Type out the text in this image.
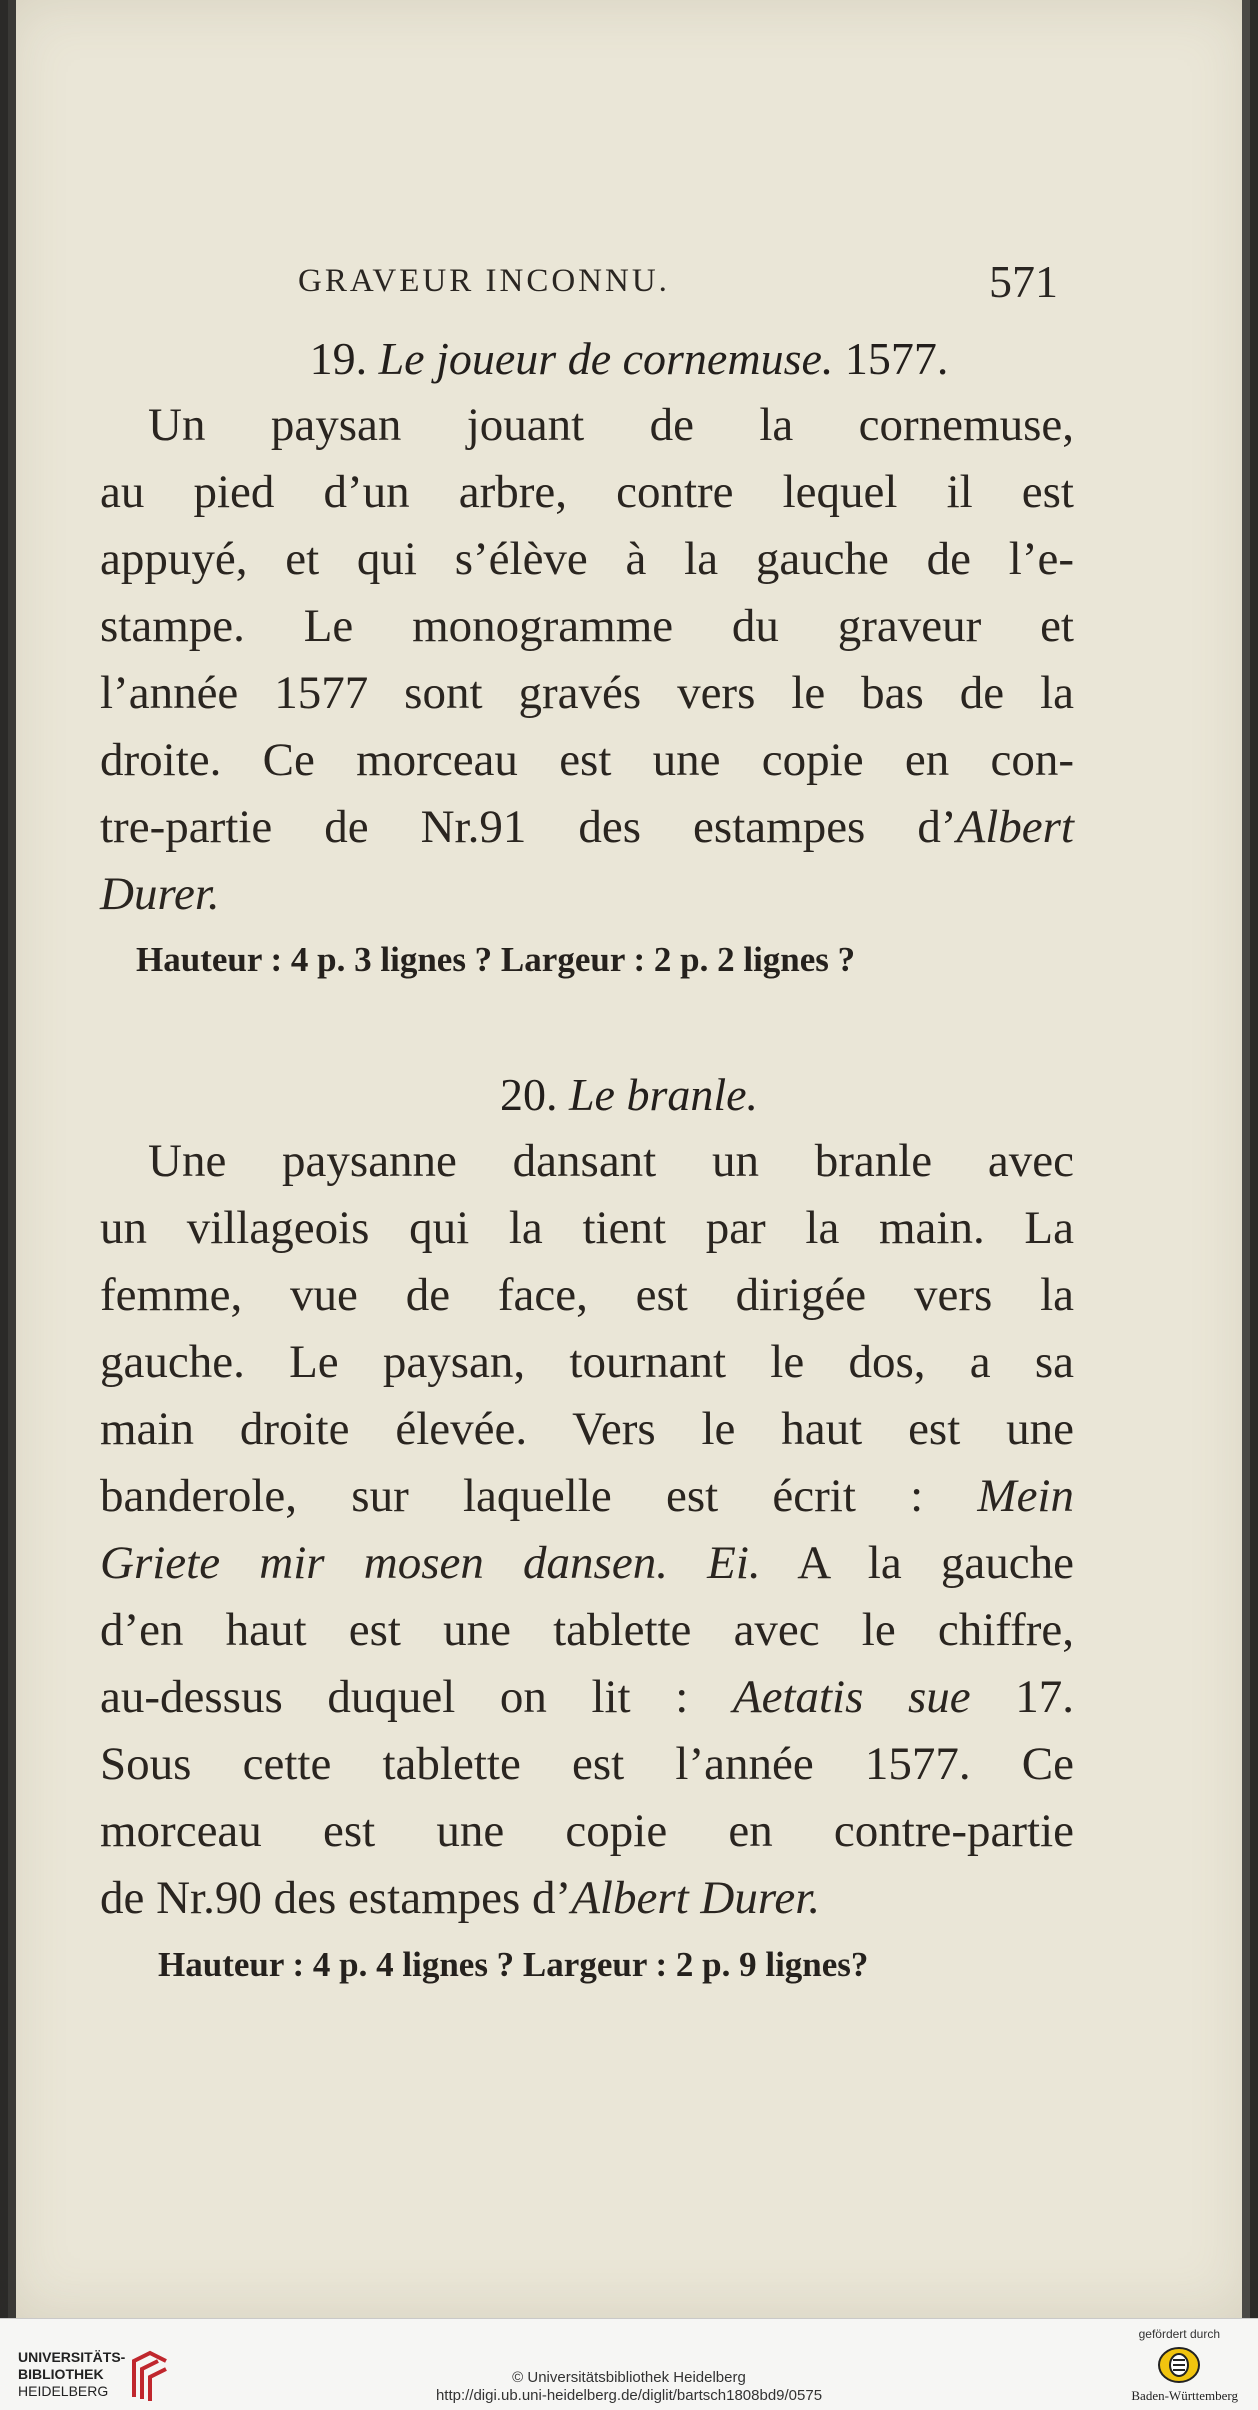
GRAVEUR INCONNU.	571
19. Le joueur de cornemuse. 1577.
Un paysan jouant de la cornemuse,
au pied d’un arbre, contre lequel il est
appuyé, et qui s’élève à la gauche de l’e-
stampe. Le monogramme du graveur et
l’année 1577 sont gravés vers le bas de la
droite. Ce morceau est une copie en con-
tre-partie de Nr.91 des estampes d’Albert
Durer.
Hauteur : 4 p. 3 lignes ? Largeur : 2 p. 2 lignes ?
20. Le branle.
Une paysanne dansant un branle avec
un villageois qui la tient par la main. La
femme, vue de face, est dirigée vers la
gauche. Le paysan, tournant le dos, a sa
main droite élevée. Vers le haut est une
banderole, sur laquelle est écrit : Mein
Griete mir mosen dansen. Ei. A la gauche
d’en haut est une tablette avec le chiffre,
au-dessus duquel on lit : Aetatis sue 17.
Sous cette tablette est l’année 1577. Ce
morceau est une copie en contre-partie
de Nr.90 des estampes d’Albert Durer.
Hauteur : 4 p. 4 lignes ? Largeur : 2 p. 9 lignes?
UNIVERSITÄTS-
BIBLIOTHEK
HEIDELBERG
© Universitätsbibliothek Heidelberg
http://digi.ub.uni-heidelberg.de/diglit/bartsch1808bd9/0575
gefördert durch
Baden-Württemberg
